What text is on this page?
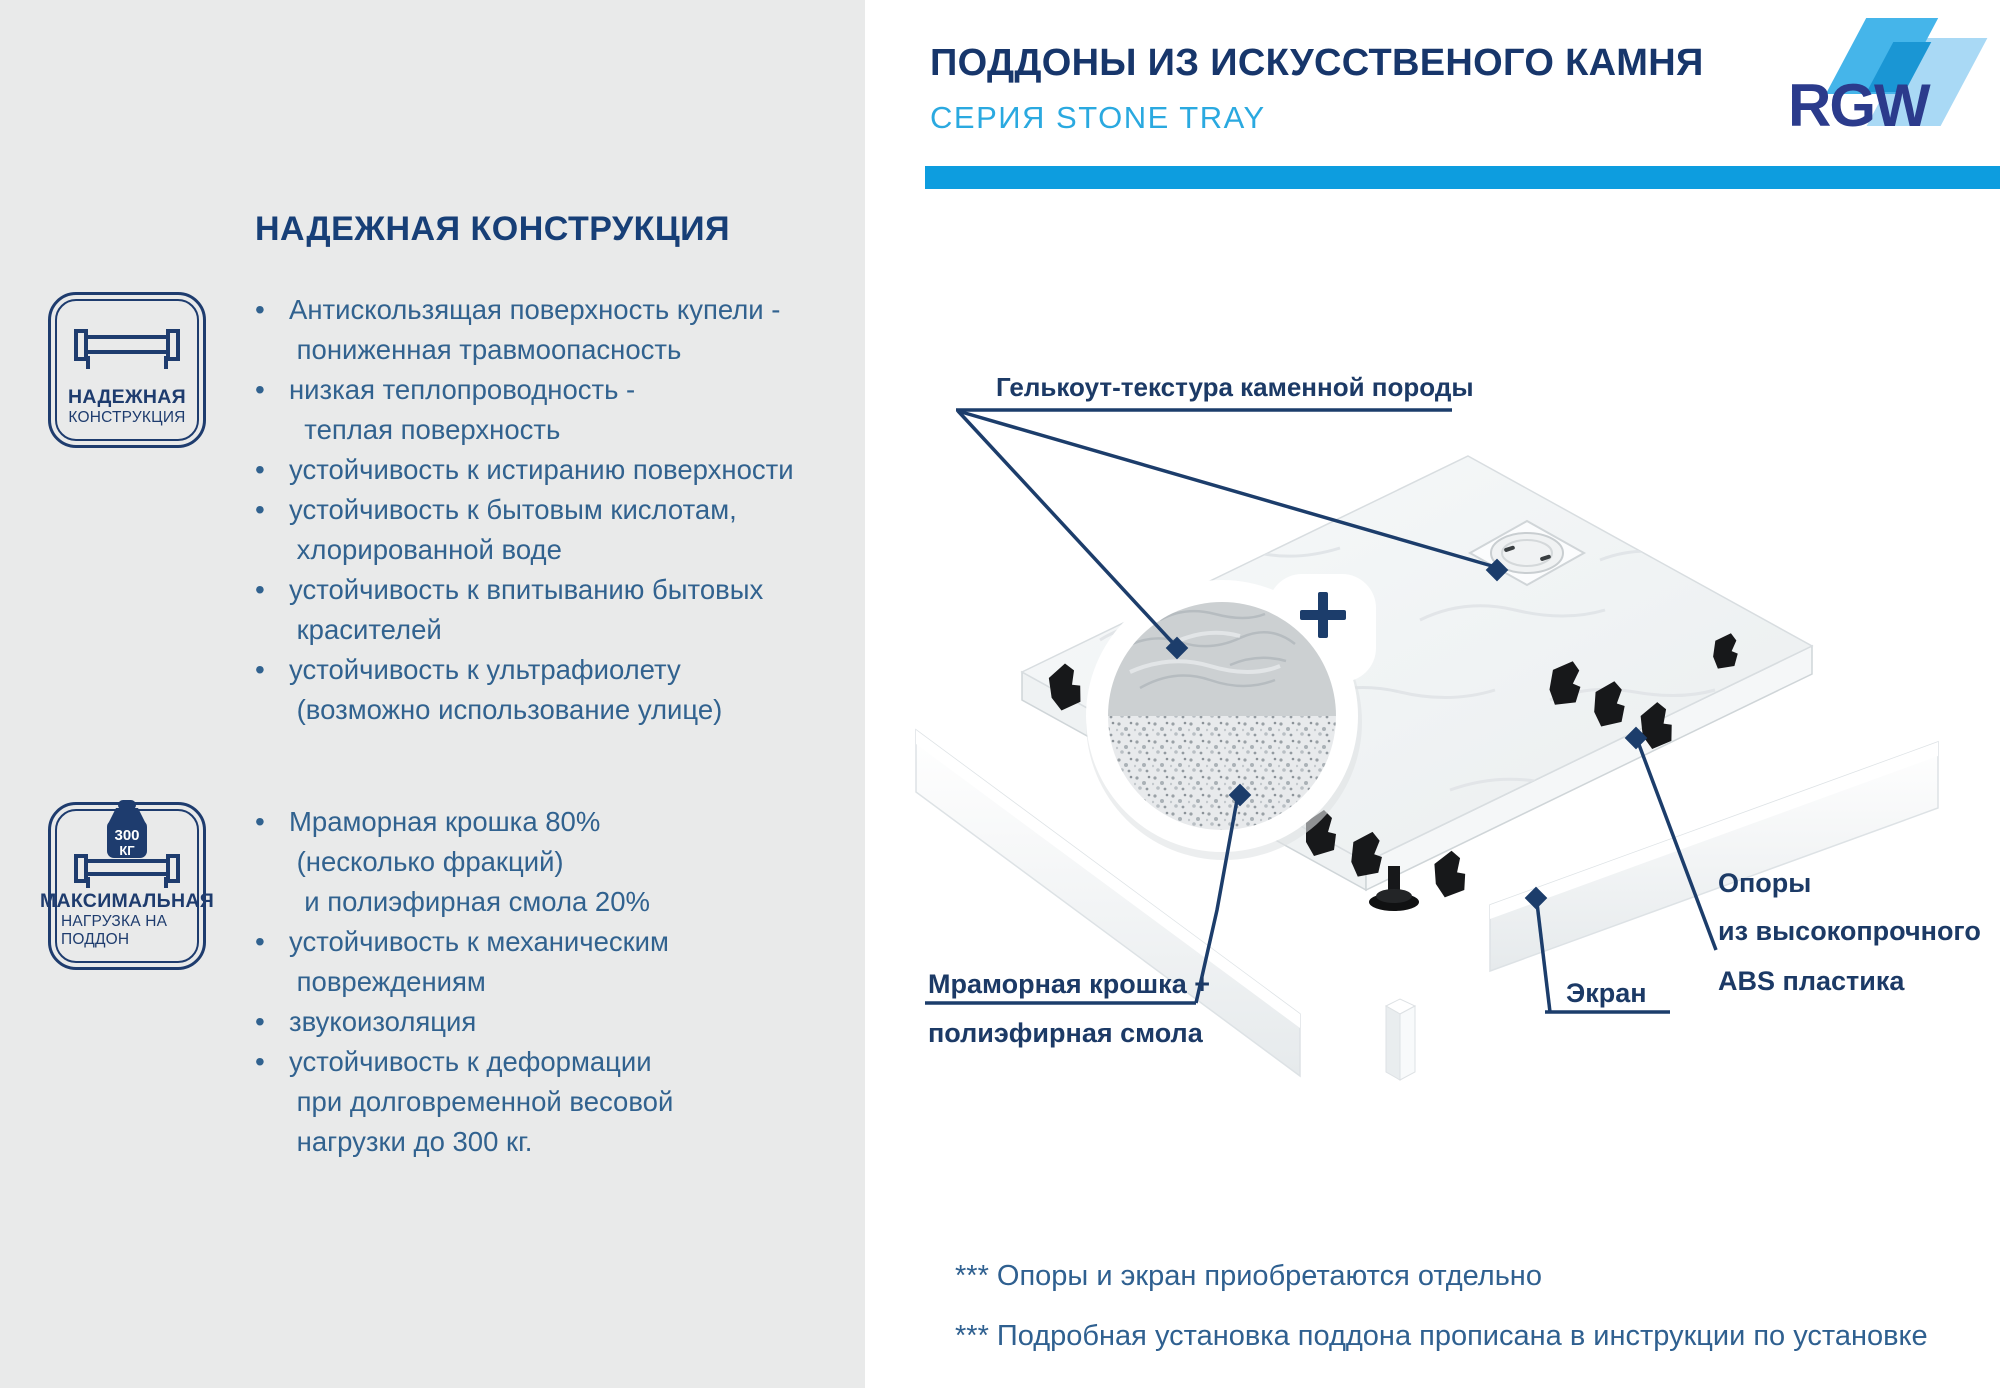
НАДЕЖНАЯ
КОНСТРУКЦИЯ
300
КГ
МАКСИМАЛЬНАЯ
НАГРУЗКА НА ПОДДОН
НАДЕЖНАЯ КОНСТРУКЦИЯ
• Антискользящая поверхность купели -
пониженная травмоопасность
• низкая теплопроводность -
теплая поверхность
• устойчивость к истиранию поверхности
• устойчивость к бытовым кислотам,
хлорированной воде
• устойчивость к впитыванию бытовых
красителей
• устойчивость к ультрафиолету
(возможно использование улице)
• Мраморная крошка 80%
(несколько фракций)
и полиэфирная смола 20%
• устойчивость к механическим
повреждениям
• звукоизоляция
• устойчивость к деформации
при долговременной весовой
нагрузки до 300 кг.
ПОДДОНЫ ИЗ ИСКУССТВЕНОГО КАМНЯ
СЕРИЯ STONE TRAY	RGW
Гелькоут-текстура каменной породы
Мраморная крошка +
полиэфирная смола
Опоры
из высокопрочного
ABS пластика
Экран
*** Опоры и экран приобретаются отдельно
*** Подробная установка поддона прописана в инструкции по установке
